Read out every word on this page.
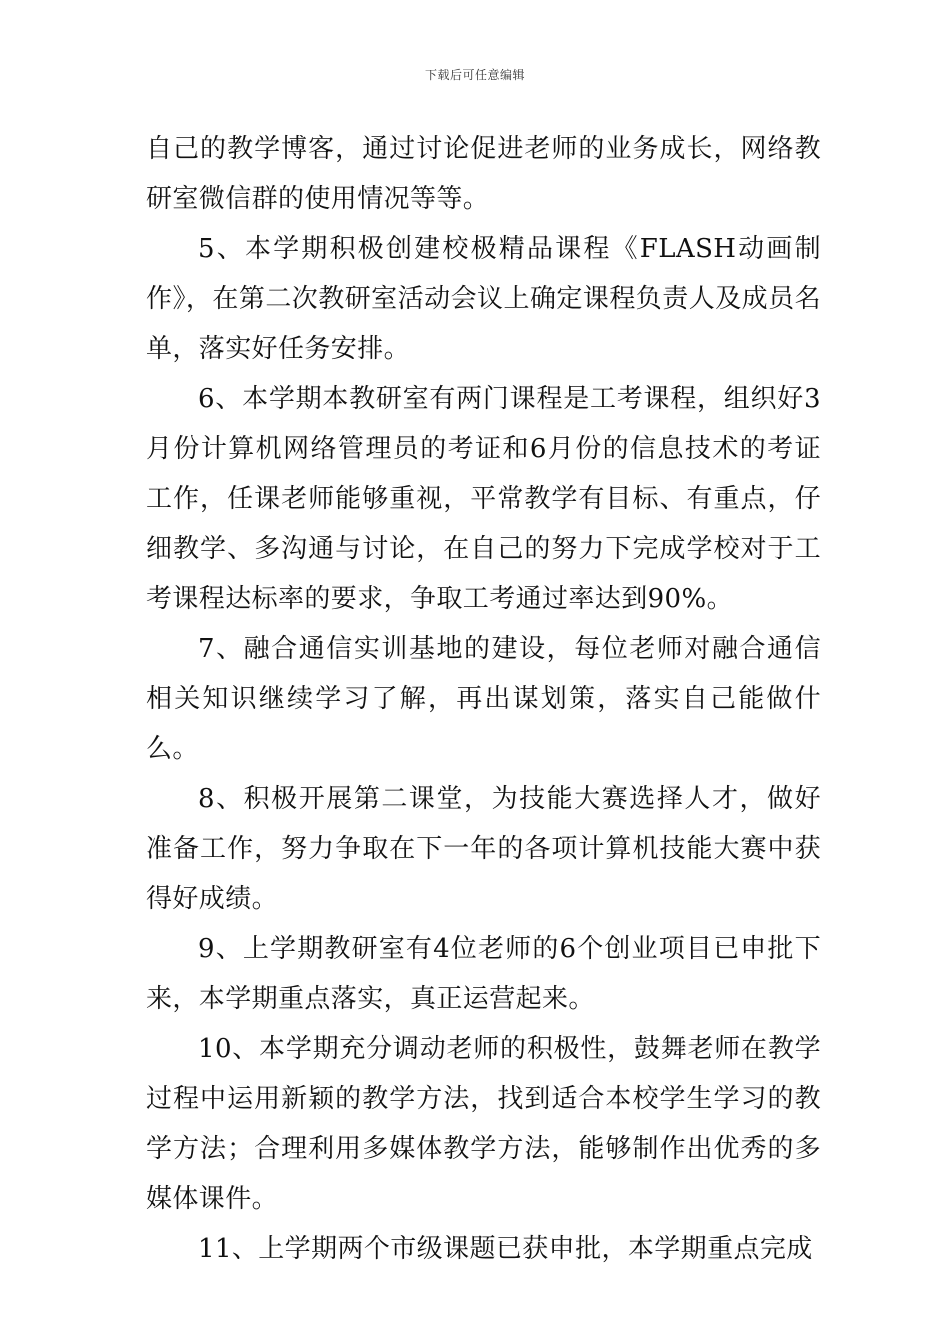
下载后可任意编辑

自己的教学博客，通过讨论促进老师的业务成长，网络教研室微信群的使用情况等等。

5、本学期积极创建校极精品课程《FLASH动画制作》，在第二次教研室活动会议上确定课程负责人及成员名单，落实好任务安排。

6、本学期本教研室有两门课程是工考课程，组织好3月份计算机网络管理员的考证和6月份的信息技术的考证工作，任课老师能够重视，平常教学有目标、有重点，仔细教学、多沟通与讨论，在自己的努力下完成学校对于工考课程达标率的要求，争取工考通过率达到90%。

7、融合通信实训基地的建设，每位老师对融合通信相关知识继续学习了解，再出谋划策，落实自己能做什么。

8、积极开展第二课堂，为技能大赛选择人才，做好准备工作，努力争取在下一年的各项计算机技能大赛中获得好成绩。

9、上学期教研室有4位老师的6个创业项目已申批下来，本学期重点落实，真正运营起来。

10、本学期充分调动老师的积极性，鼓舞老师在教学过程中运用新颖的教学方法，找到适合本校学生学习的教学方法；合理利用多媒体教学方法，能够制作出优秀的多媒体课件。

11、上学期两个市级课题已获申批，本学期重点完成
